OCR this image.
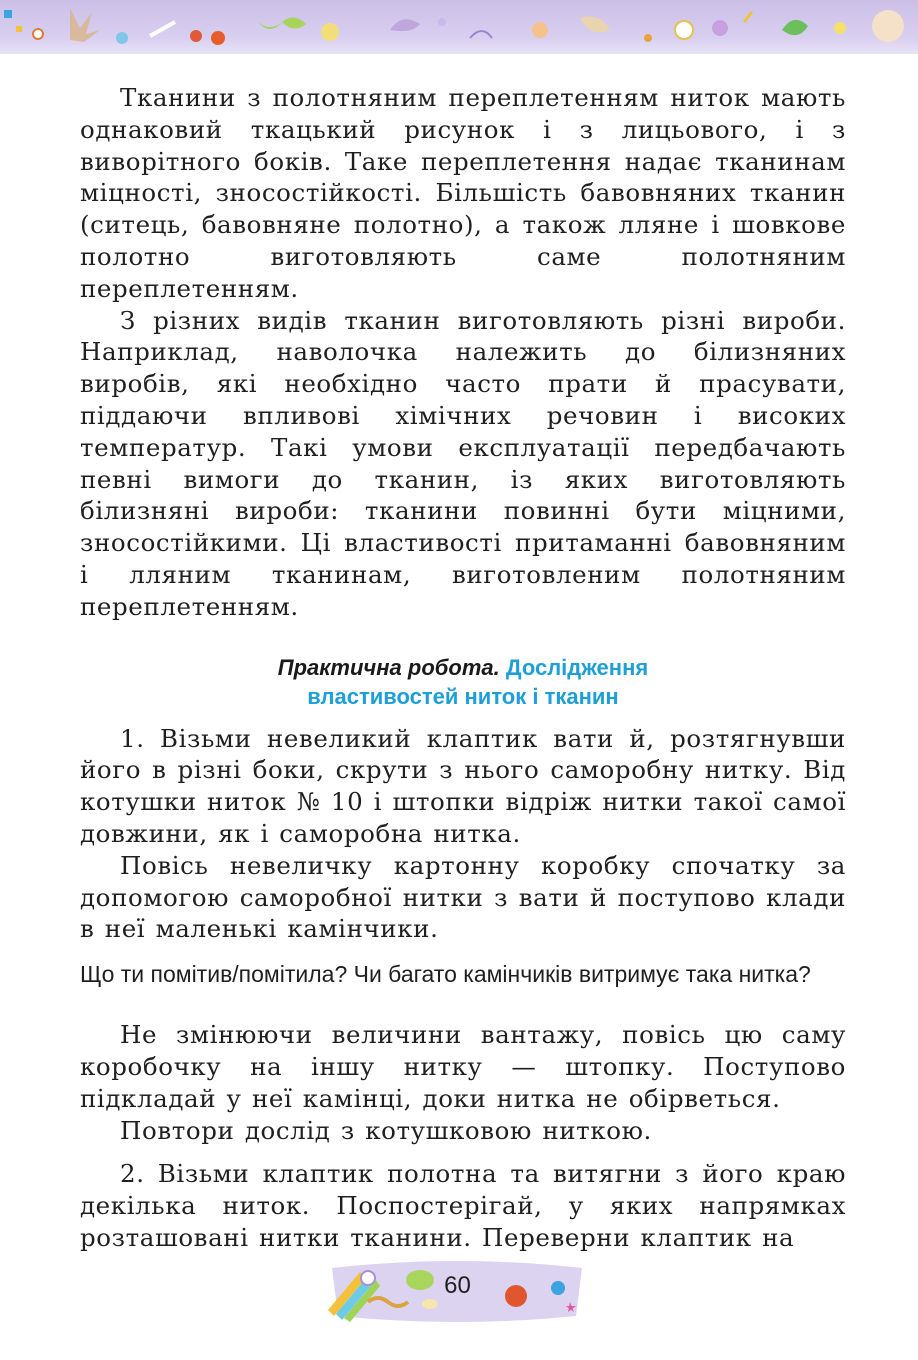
Тканини з полотняним переплетенням ниток мають однаковий ткацький рисунок і з лицьового, і з виворітного боків. Таке переплетення надає тканинам міцності, зносостійкості. Більшість бавовняних тканин (ситець, бавовняне полотно), а також лляне і шовкове полотно виготовляють саме полотняним переплетенням.

З різних видів тканин виготовляють різні вироби. Наприклад, наволочка належить до білизняних виробів, які необхідно часто прати й прасувати, піддаючи впливові хімічних речовин і високих температур. Такі умови експлуатації передбачають певні вимоги до тканин, із яких виготовляють білизняні вироби: тканини повинні бути міцними, зносостійкими. Ці властивості притаманні бавовняним і лляним тканинам, виготовленим полотняним переплетенням.

Практична робота. Дослідження
властивостей ниток і тканин

1. Візьми невеликий клаптик вати й, розтягнувши його в різні боки, скрути з нього саморобну нитку. Від котушки ниток № 10 і штопки відріж нитки такої самої довжини, як і саморобна нитка.

Повісь невеличку картонну коробку спочатку за допомогою саморобної нитки з вати й поступово клади в неї маленькі камінчики.

Що ти помітив/помітила? Чи багато камінчиків витримує така нитка?

Не змінюючи величини вантажу, повісь цю саму коробочку на іншу нитку — штопку. Поступово підкладай у неї камінці, доки нитка не обірветься.

Повтори дослід з котушковою ниткою.

2. Візьми клаптик полотна та витягни з його краю декілька ниток. Поспостерігай, у яких напрямках розташовані нитки тканини. Переверни клаптик на

60
